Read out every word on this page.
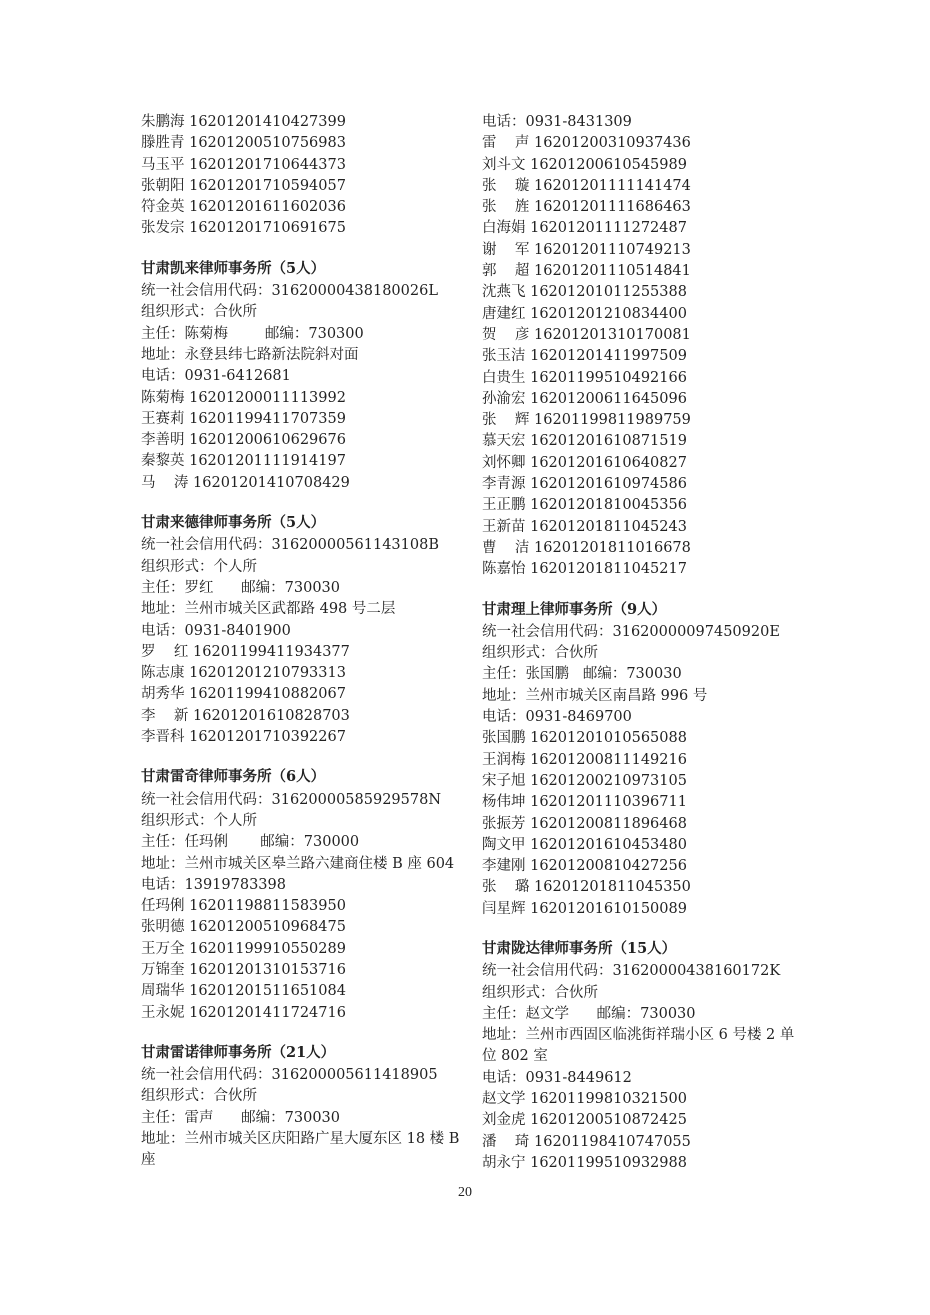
朱鹏海 16201201410427399
滕胜青 16201200510756983
马玉平 16201201710644373
张朝阳 16201201710594057
符金英 16201201611602036
张发宗 16201201710691675
甘肃凯来律师事务所（5人）
统一社会信用代码：31620000438180026L
组织形式：合伙所
主任：陈菊梅        邮编：730300
地址：永登县纬七路新法院斜对面
电话：0931-6412681
陈菊梅 16201200011113992
王赛莉 16201199411707359
李善明 16201200610629676
秦黎英 16201201111914197
马    涛 16201201410708429
甘肃来德律师事务所（5人）
统一社会信用代码：31620000561143108B
组织形式：个人所
主任：罗红      邮编：730030
地址：兰州市城关区武都路 498 号二层
电话：0931-8401900
罗    红 16201199411934377
陈志康 16201201210793313
胡秀华 16201199410882067
李    新 16201201610828703
李晋科 16201201710392267
甘肃雷奇律师事务所（6人）
统一社会信用代码：31620000585929578N
组织形式：个人所
主任：任玛俐       邮编：730000
地址：兰州市城关区皋兰路六建商住楼 B 座 604
电话：13919783398
任玛俐 16201198811583950
张明德 16201200510968475
王万全 16201199910550289
万锦奎 16201201310153716
周瑞华 16201201511651084
王永妮 16201201411724716
甘肃雷诺律师事务所（21人）
统一社会信用代码：316200005611418905
组织形式：合伙所
主任：雷声      邮编：730030
地址：兰州市城关区庆阳路广星大厦东区 18 楼 B 座
电话：0931-8431309
雷    声 16201200310937436
刘斗文 16201200610545989
张    璇 16201201111141474
张    旌 16201201111686463
白海娟 16201201111272487
谢    军 16201201110749213
郭    超 16201201110514841
沈燕飞 16201201011255388
唐建红 16201201210834400
贺    彦 16201201310170081
张玉洁 16201201411997509
白贵生 16201199510492166
孙渝宏 16201200611645096
张    辉 16201199811989759
慕天宏 16201201610871519
刘怀卿 16201201610640827
李青源 16201201610974586
王正鹏 16201201810045356
王新苗 16201201811045243
曹    洁 16201201811016678
陈嘉怡 16201201811045217
甘肃理上律师事务所（9人）
统一社会信用代码：31620000097450920E
组织形式：合伙所
主任：张国鹏   邮编：730030
地址：兰州市城关区南昌路 996 号
电话：0931-8469700
张国鹏 16201201010565088
王润梅 16201200811149216
宋子旭 16201200210973105
杨伟坤 16201201110396711
张振芳 16201200811896468
陶文甲 16201201610453480
李建刚 16201200810427256
张    璐 16201201811045350
闫星辉 16201201610150089
甘肃陇达律师事务所（15人）
统一社会信用代码：31620000438160172K
组织形式：合伙所
主任：赵文学      邮编：730030
地址：兰州市西固区临洮街祥瑞小区 6 号楼 2 单位 802 室
电话：0931-8449612
赵文学 16201199810321500
刘金虎 16201200510872425
潘    琦 16201198410747055
胡永宁 16201199510932988
20
